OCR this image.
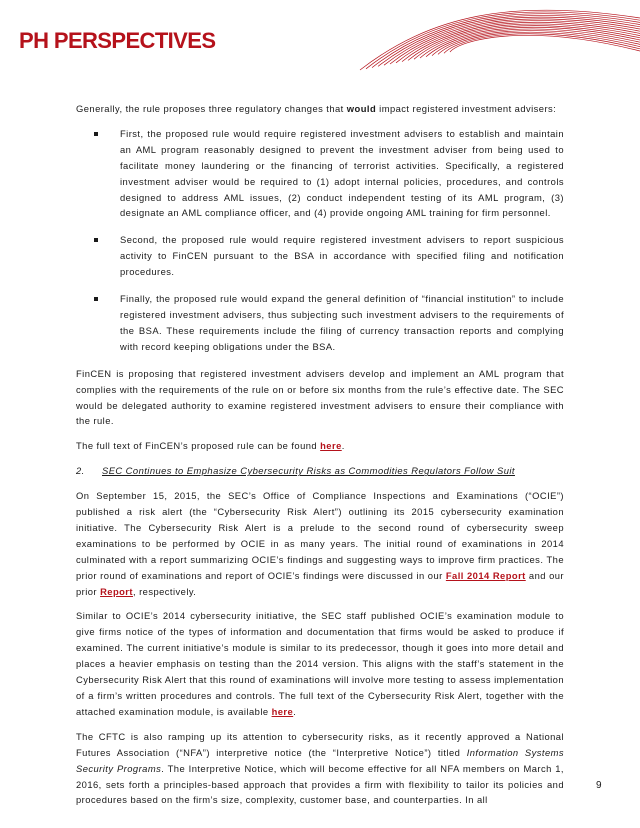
PH PERSPECTIVES

Generally, the rule proposes three regulatory changes that would impact registered investment advisers:

First, the proposed rule would require registered investment advisers to establish and maintain an AML program reasonably designed to prevent the investment adviser from being used to facilitate money laundering or the financing of terrorist activities. Specifically, a registered investment adviser would be required to (1) adopt internal policies, procedures, and controls designed to address AML issues, (2) conduct independent testing of its AML program, (3) designate an AML compliance officer, and (4) provide ongoing AML training for firm personnel.
Second, the proposed rule would require registered investment advisers to report suspicious activity to FinCEN pursuant to the BSA in accordance with specified filing and notification procedures.
Finally, the proposed rule would expand the general definition of “financial institution” to include registered investment advisers, thus subjecting such investment advisers to the requirements of the BSA. These requirements include the filing of currency transaction reports and complying with record keeping obligations under the BSA.

FinCEN is proposing that registered investment advisers develop and implement an AML program that complies with the requirements of the rule on or before six months from the rule’s effective date. The SEC would be delegated authority to examine registered investment advisers to ensure their compliance with the rule.

The full text of FinCEN’s proposed rule can be found here.

2. SEC Continues to Emphasize Cybersecurity Risks as Commodities Regulators Follow Suit

On September 15, 2015, the SEC’s Office of Compliance Inspections and Examinations (“OCIE”) published a risk alert (the “Cybersecurity Risk Alert”) outlining its 2015 cybersecurity examination initiative. The Cybersecurity Risk Alert is a prelude to the second round of cybersecurity sweep examinations to be performed by OCIE in as many years. The initial round of examinations in 2014 culminated with a report summarizing OCIE’s findings and suggesting ways to improve firm practices. The prior round of examinations and report of OCIE’s findings were discussed in our Fall 2014 Report and our prior Report, respectively.

Similar to OCIE’s 2014 cybersecurity initiative, the SEC staff published OCIE’s examination module to give firms notice of the types of information and documentation that firms would be asked to produce if examined. The current initiative’s module is similar to its predecessor, though it goes into more detail and places a heavier emphasis on testing than the 2014 version. This aligns with the staff’s statement in the Cybersecurity Risk Alert that this round of examinations will involve more testing to assess implementation of a firm’s written procedures and controls. The full text of the Cybersecurity Risk Alert, together with the attached examination module, is available here.

The CFTC is also ramping up its attention to cybersecurity risks, as it recently approved a National Futures Association (“NFA”) interpretive notice (the “Interpretive Notice”) titled Information Systems Security Programs. The Interpretive Notice, which will become effective for all NFA members on March 1, 2016, sets forth a principles-based approach that provides a firm with flexibility to tailor its policies and procedures based on the firm’s size, complexity, customer base, and counterparties. In all

9
